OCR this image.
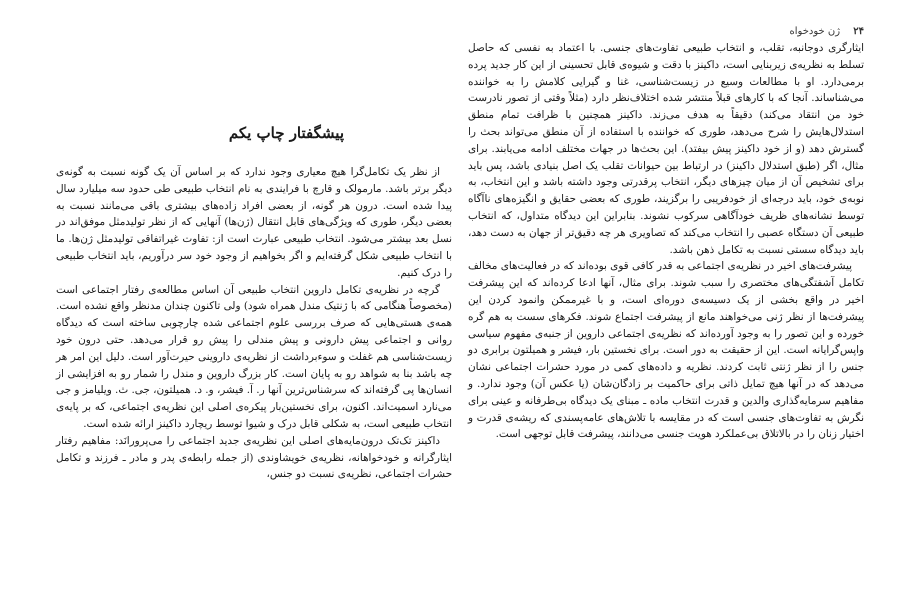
پیشگفتار چاپ یکم

از نظر یک تکامل‌گرا هیچ معیاری وجود ندارد که بر اساس آن یک گونه نسبت به گونه‌ی دیگر برتر باشد. مارمولک و قارچ با فرایندی به نام انتخاب طبیعی طی حدود سه میلیارد سال پیدا شده است. درون هر گونه، از بعضی افراد زاده‌های بیشتری باقی می‌مانند نسبت به بعضی دیگر، طوری که ویژگی‌های قابل انتقال (ژن‌ها) آنهایی که از نظر تولیدمثل موفق‌اند در نسل بعد بیشتر می‌شود. انتخاب طبیعی عبارت است از: تفاوت غیراتفاقی تولیدمثل ژن‌ها. ما با انتخاب طبیعی شکل گرفته‌ایم و اگر بخواهیم از وجود خود سر درآوریم، باید انتخاب طبیعی را درک کنیم.

گرچه در نظریه‌ی تکامل داروین انتخاب طبیعی آن اساس مطالعه‌ی رفتار اجتماعی است (مخصوصاً هنگامی که با ژنتیک مندل همراه شود) ولی تاکنون چندان مدنظر واقع نشده است. همه‌ی هستی‌هایی که صرف بررسی علوم اجتماعی شده چارچوبی ساخته است که دیدگاه روانی و اجتماعی پیش دارونی و پیش مندلی را پیش رو قرار می‌دهد. حتی درون خود زیست‌شناسی هم غفلت و سوءبرداشت از نظریه‌ی داروینی حیرت‌آور است. دلیل این امر هر چه باشد بنا به شواهد رو به پایان است. کار بزرگ داروین و مندل را شمار رو به افزایشی از انسان‌ها پی گرفته‌اند که سرشناس‌ترین آنها ر. آ. فیشر، و. د. همیلتون، جی. ث. ویلیامز و جی می‌نارد اسمیت‌اند. اکنون، برای نخستین‌بار پیکره‌ی اصلی این نظریه‌ی اجتماعی، که بر پایه‌ی انتخاب طبیعی است، به شکلی قابل درک و شیوا توسط ریچارد داکینز ارائه شده است.

داکینز تک‌تک درون‌مایه‌های اصلی این نظریه‌ی جدید اجتماعی را می‌پرورانَد: مفاهیم رفتار ایثارگرانه و خودخواهانه، نظریه‌ی خویشاوندی (از جمله رابطه‌ی پدر و مادر ـ فرزند و تکامل حشرات اجتماعی، نظریه‌ی نسبت دو جنس،

۲۴ ژن خودخواه

ایثارگری دوجانبه، تقلب، و انتخاب طبیعی تفاوت‌های جنسی. با اعتماد به نفسی که حاصل تسلط به نظریه‌ی زیربنایی است، داکینز با دقت و شیوه‌ی قابل تحسینی از این کار جدید پرده برمی‌دارد. او با مطالعات وسیع در زیست‌شناسی، غنا و گیرایی کلامش را به خواننده می‌شناساند. آنجا که با کارهای قبلاً منتشر شده اختلاف‌نظر دارد (مثلاً وقتی از تصور نادرست خود من انتقاد می‌کند) دقیقاً به هدف می‌زند. داکینز همچنین با ظرافت تمام منطق استدلال‌هایش را شرح می‌دهد، طوری که خواننده با استفاده از آن منطق می‌تواند بحث را گسترش دهد (و از خود داکینز پیش بیفتد). این بحث‌ها در جهات مختلف ادامه می‌یابند. برای مثال، اگر (طبق استدلال داکینز) در ارتباط بین حیوانات تقلب یک اصل بنیادی باشد، پس باید برای تشخیص آن از میان چیزهای دیگر، انتخاب پرقدرتی وجود داشته باشد و این انتخاب، به نوبه‌ی خود، باید درجه‌ای از خودفریبی را برگزیند، طوری که بعضی حقایق و انگیزه‌های ناآگاه توسط نشانه‌های ظریف خودآگاهی سرکوب نشوند. بنابراین این دیدگاه متداول، که انتخاب طبیعی آن دستگاه عصبی را انتخاب می‌کند که تصاویری هر چه دقیق‌تر از جهان به دست دهد، باید دیدگاه سستی نسبت به تکامل ذهن باشد.

پیشرفت‌های اخیر در نظریه‌ی اجتماعی به قدر کافی قوی بوده‌اند که در فعالیت‌های مخالف تکامل آشفتگی‌های مختصری را سبب شوند. برای مثال، آنها ادعا کرده‌اند که این پیشرفت اخیر در واقع بخشی از یک دسیسه‌ی دوره‌ای است، و با غیرممکن وانمود کردن این پیشرفت‌ها از نظر ژنی می‌خواهند مانع از پیشرفت اجتماع شوند. فکرهای سست به هم گره خورده و این تصور را به وجود آورده‌اند که نظریه‌ی اجتماعی داروین از جنبه‌ی مفهوم سیاسی واپس‌گرایانه است. این از حقیقت به دور است. برای نخستین بار، فیشر و همیلتون برابری دو جنس را از نظر ژنتی ثابت کردند. نظریه و داده‌های کمی در مورد حشرات اجتماعی نشان می‌دهد که در آنها هیچ تمایل ذاتی برای حاکمیت بر زادگان‌شان (یا عکس آن) وجود ندارد. و مفاهیم سرمایه‌گذاری والدین و قدرت انتخاب ماده ـ مبنای یک دیدگاه بی‌طرفانه و عینی برای نگرش به تفاوت‌های جنسی است که در مقایسه با تلاش‌های عامه‌پسندی که ریشه‌ی قدرت و اختیار زنان را در بالاتلاق بی‌عملکرد هویت جنسی می‌دانند، پیشرفت قابل توجهی است.
